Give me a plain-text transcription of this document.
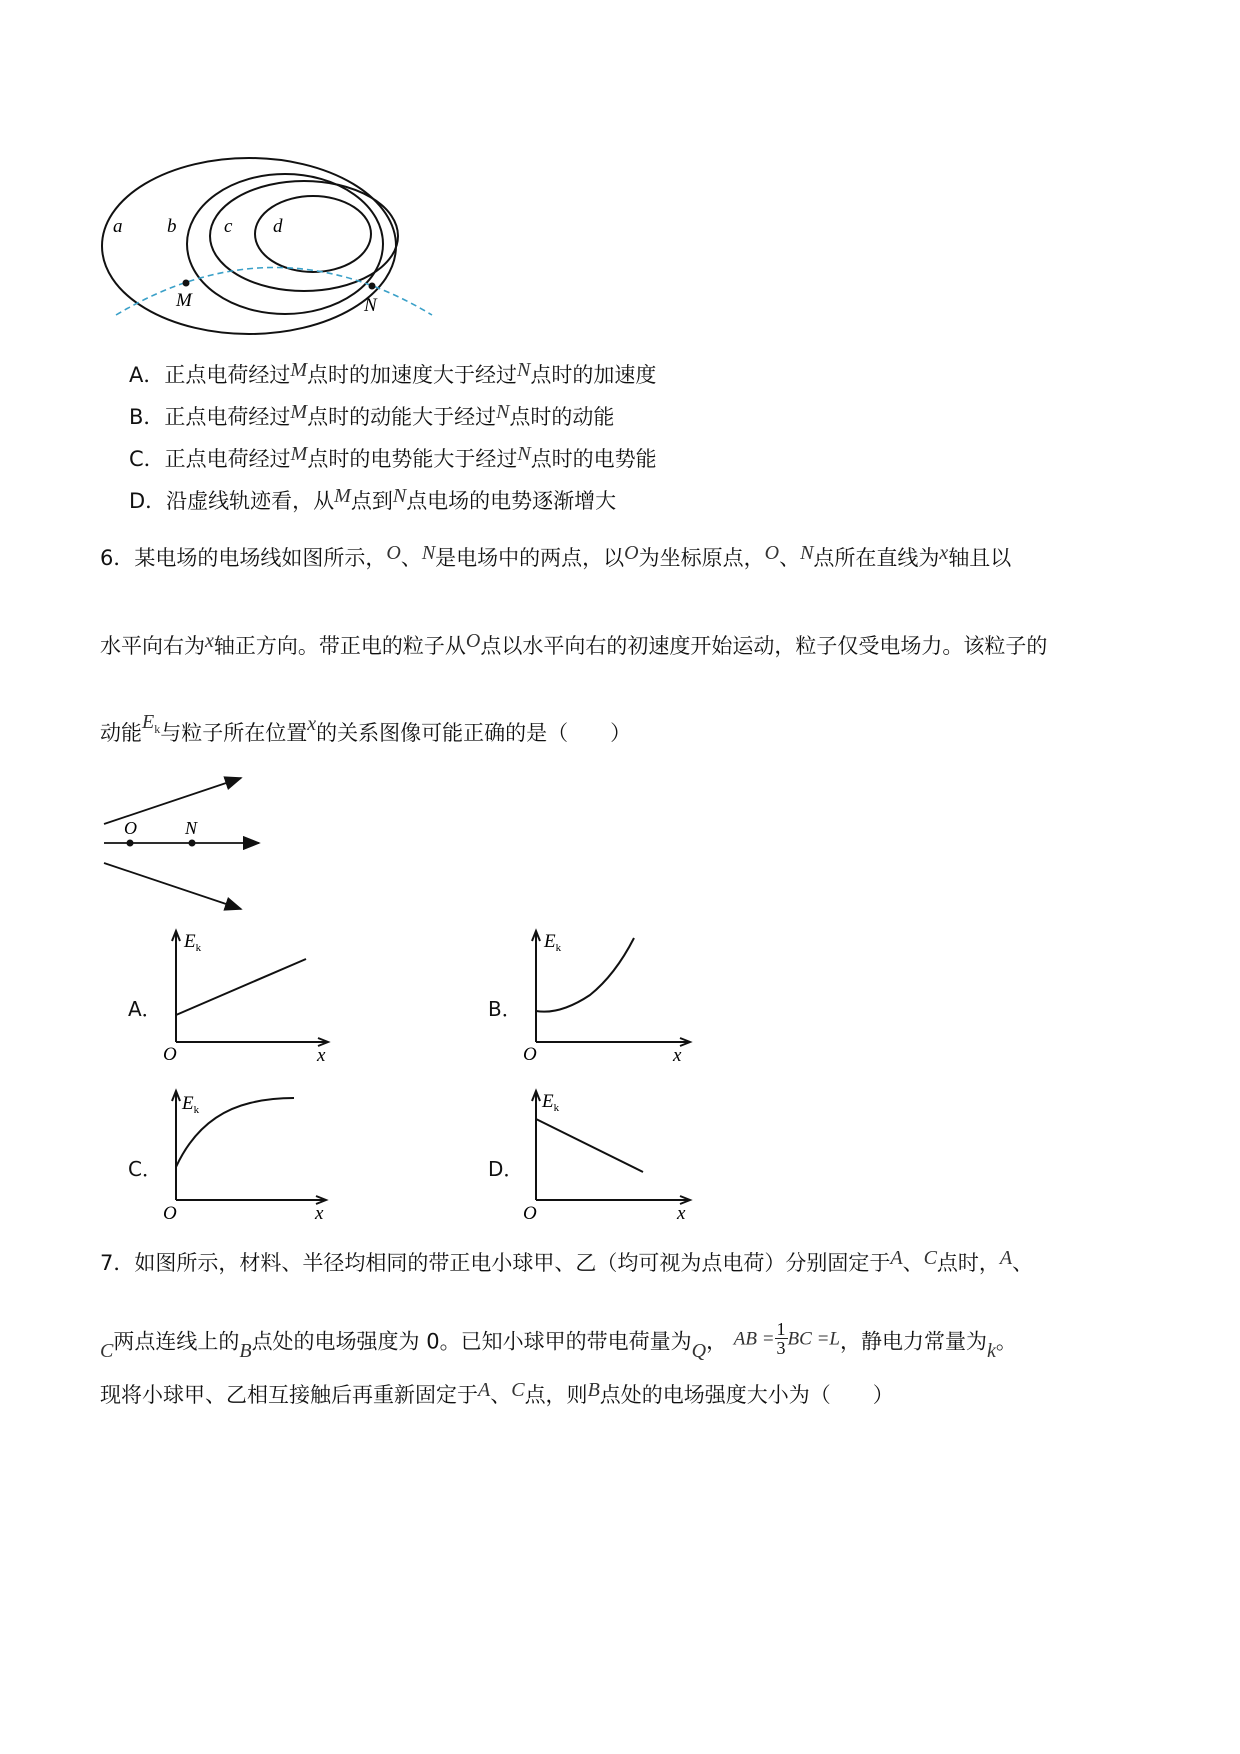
a b	c d
M	N
A．正点电荷经过M点时的加速度大于经过N点时的加速度
B．正点电荷经过M点时的动能大于经过N点时的动能
C．正点电荷经过M点时的电势能大于经过N点时的电势能
D．沿虚线轨迹看，从M点到N点电场的电势逐渐增大
6．某电场的电场线如图所示，O、N是电场中的两点，以O为坐标原点，O、N点所在直线为x轴且以
水平向右为x轴正方向。带正电的粒子从O点以水平向右的初速度开始运动，粒子仅受电场力。该粒子的
动能$E_k$与粒子所在位置x的关系图像可能正确的是（　　）
O	N
A．
$E_k$
O	x
B．
$E_k$
O	x
C．
$E_k$
O	x
D．
$E_k$
O	x
7．如图所示，材料、半径均相同的带正电小球甲、乙（均可视为点电荷）分别固定于A、C点时，A、
C两点连线上的B点处的电场强度为 0。已知小球甲的带电荷量为Q， AB = $\frac{1}{3}$ BC =L，静电力常量为k。
现将小球甲、乙相互接触后再重新固定于A、C点，则B点处的电场强度大小为（　　）
